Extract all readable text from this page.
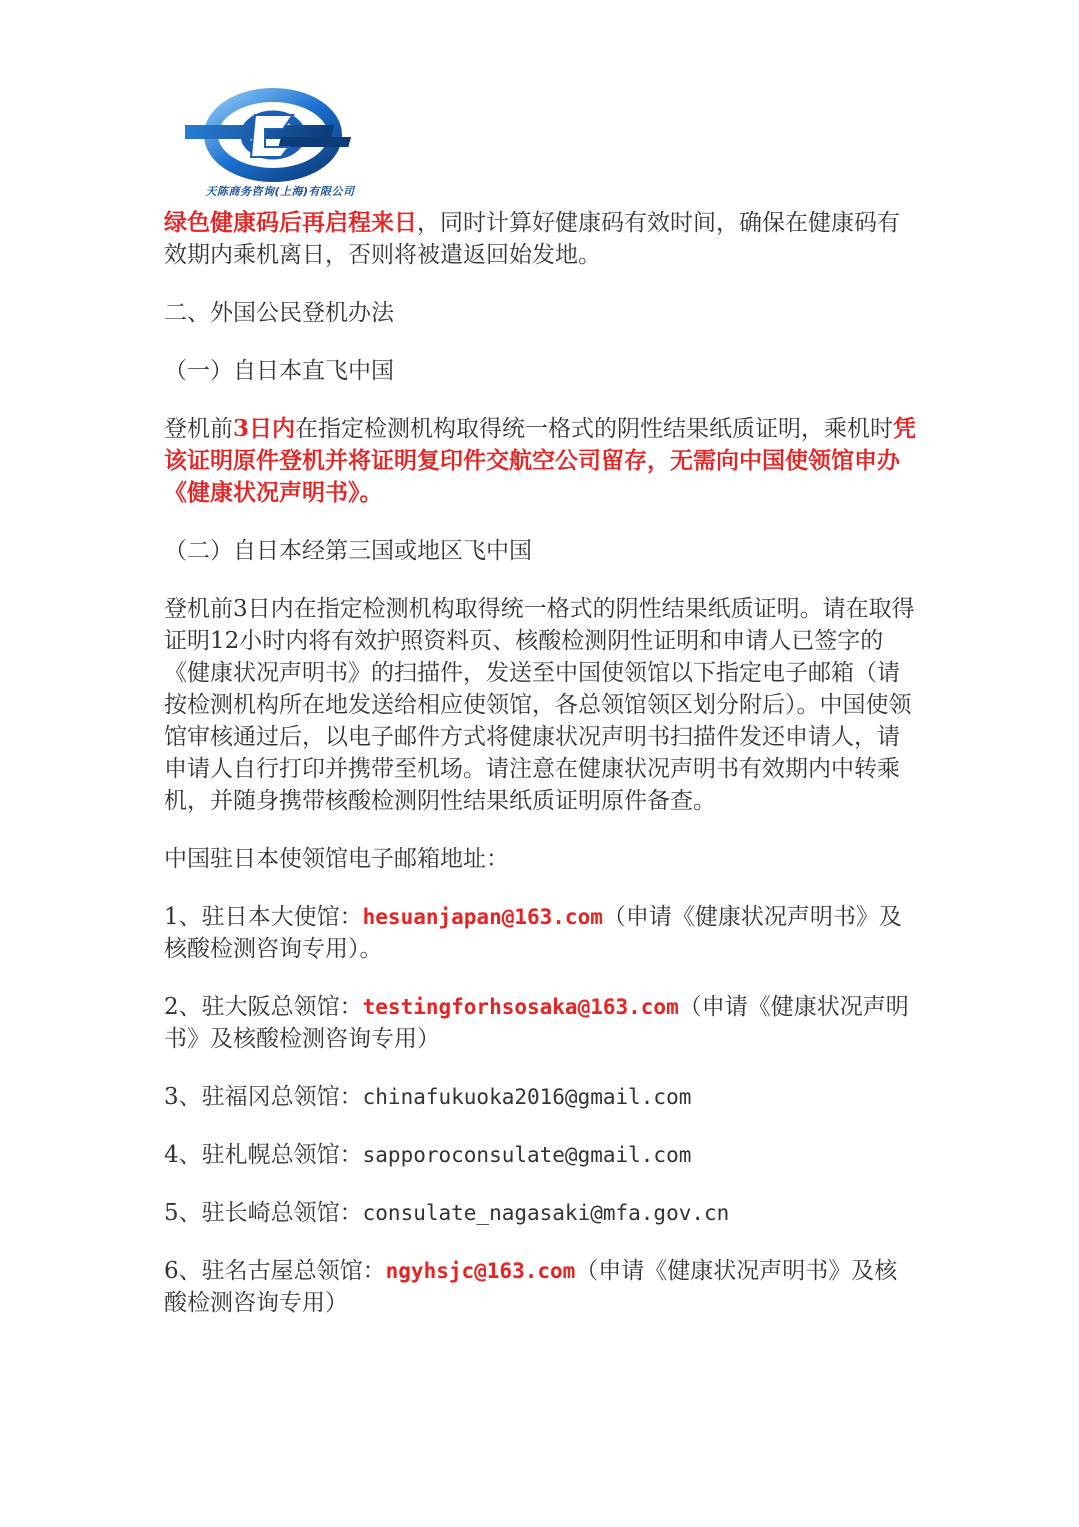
天陈商务咨询(上海)有限公司

绿色健康码后再启程来日，同时计算好健康码有效时间，确保在健康码有效期内乘机离日，否则将被遣返回始发地。

二、外国公民登机办法

（一）自日本直飞中国

登机前3日内在指定检测机构取得统一格式的阴性结果纸质证明，乘机时凭该证明原件登机并将证明复印件交航空公司留存，无需向中国使领馆申办《健康状况声明书》。

（二）自日本经第三国或地区飞中国

登机前3日内在指定检测机构取得统一格式的阴性结果纸质证明。请在取得证明12小时内将有效护照资料页、核酸检测阴性证明和申请人已签字的《健康状况声明书》的扫描件，发送至中国使领馆以下指定电子邮箱（请按检测机构所在地发送给相应使领馆，各总领馆领区划分附后）。中国使领馆审核通过后，以电子邮件方式将健康状况声明书扫描件发还申请人，请申请人自行打印并携带至机场。请注意在健康状况声明书有效期内中转乘机，并随身携带核酸检测阴性结果纸质证明原件备查。

中国驻日本使领馆电子邮箱地址：

1、驻日本大使馆：hesuanjapan@163.com（申请《健康状况声明书》及核酸检测咨询专用）。

2、驻大阪总领馆：testingforhsosaka@163.com（申请《健康状况声明书》及核酸检测咨询专用）

3、驻福冈总领馆：chinafukuoka2016@gmail.com

4、驻札幌总领馆：sapporoconsulate@gmail.com

5、驻长崎总领馆：consulate_nagasaki@mfa.gov.cn

6、驻名古屋总领馆：ngyhsjc@163.com（申请《健康状况声明书》及核酸检测咨询专用）
